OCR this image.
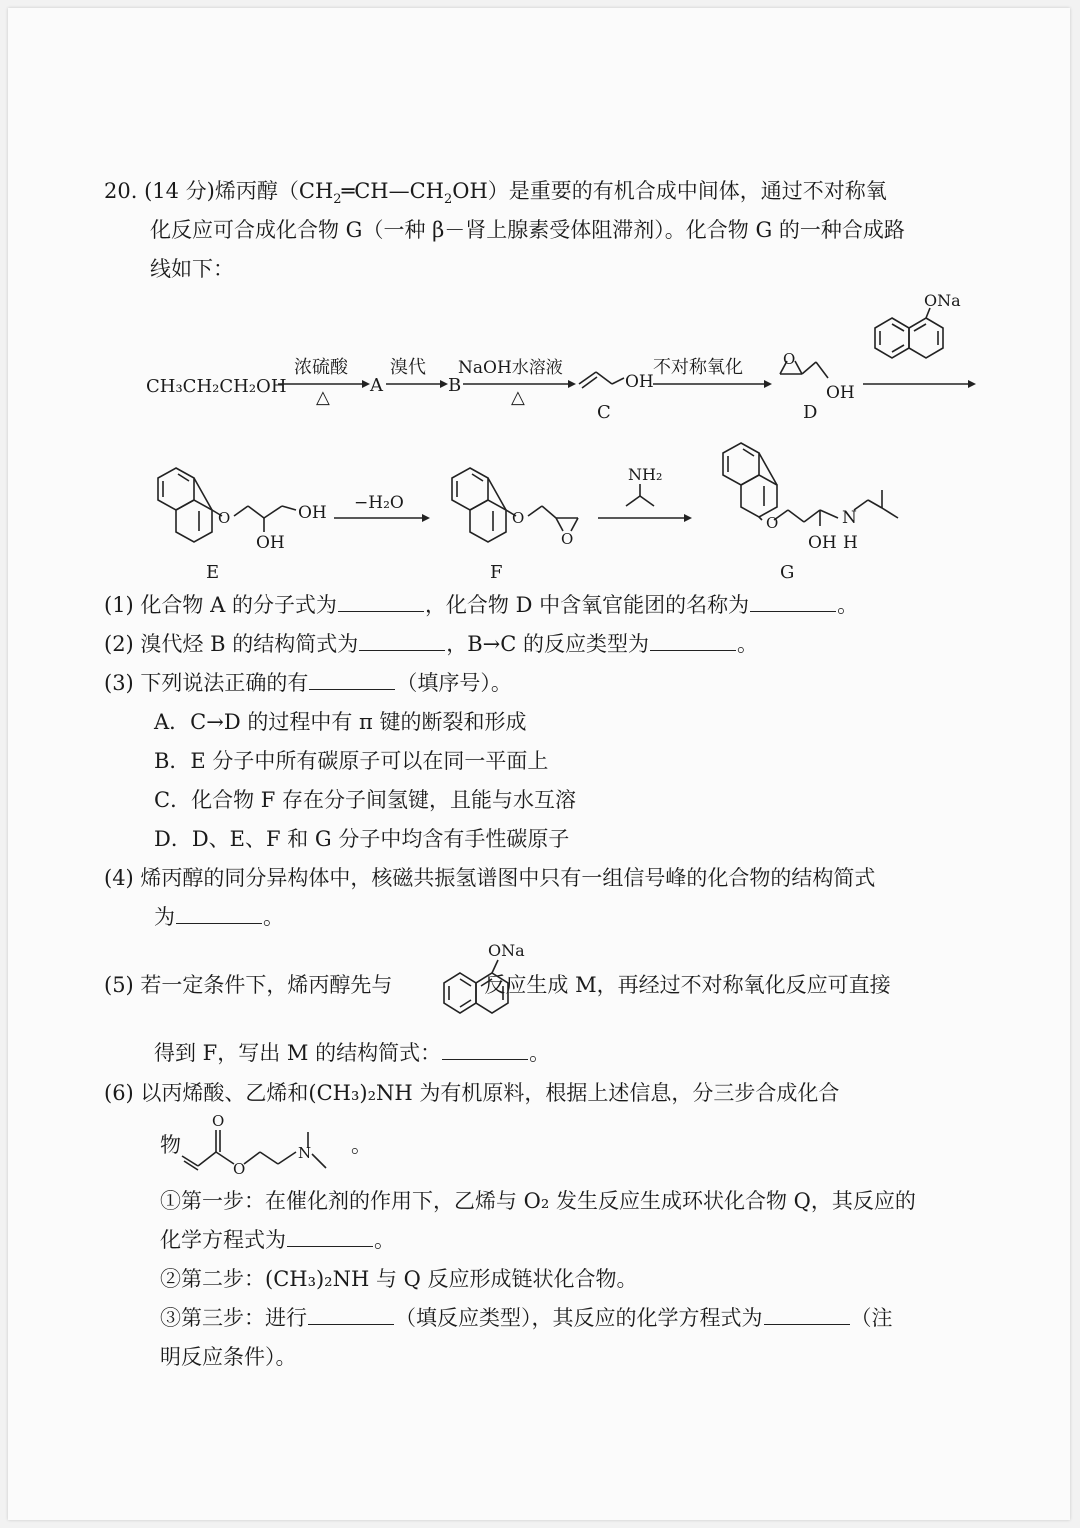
20. (14 分)烯丙醇$(CH_2═CH—CH_2OH)$是重要的有机合成中间体，通过不对称氧
化反应可合成化合物 G（一种 β－肾上腺素受体阻滞剂）。化合物 G 的一种合成路
线如下：
CH₃CH₂CH₂OH
浓硫酸
△
A
溴代
B
NaOH水溶液
△
OH
C
不对称氧化	O
OH
D
ONa
O	OH
OH
E
−H₂O
O
O
F
NH₂
O	N
H
OH
G
(1) 化合物 A 的分子式为	，化合物 D 中含氧官能团的名称为	。
(2) 溴代烃 B 的结构简式为	，B→C 的反应类型为	。
(3) 下列说法正确的有	（填序号）。
A．C→D 的过程中有 π 键的断裂和形成
B．E 分子中所有碳原子可以在同一平面上
C．化合物 F 存在分子间氢键，且能与水互溶
D．D、E、F 和 G 分子中均含有手性碳原子
(4) 烯丙醇的同分异构体中，核磁共振氢谱图中只有一组信号峰的化合物的结构简式
为	。
(5) 若一定条件下，烯丙醇先与	反应生成 M，再经过不对称氧化反应可直接
ONa
得到 F，写出 M 的结构简式：	。
(6) 以丙烯酸、乙烯和(CH₃)₂NH 为有机原料，根据上述信息，分三步合成化合
物	。
O
O
N
①第一步：在催化剂的作用下，乙烯与 O₂ 发生反应生成环状化合物 Q，其反应的
化学方程式为	。
②第二步：(CH₃)₂NH 与 Q 反应形成链状化合物。
③第三步：进行	（填反应类型），其反应的化学方程式为	（注
明反应条件）。
